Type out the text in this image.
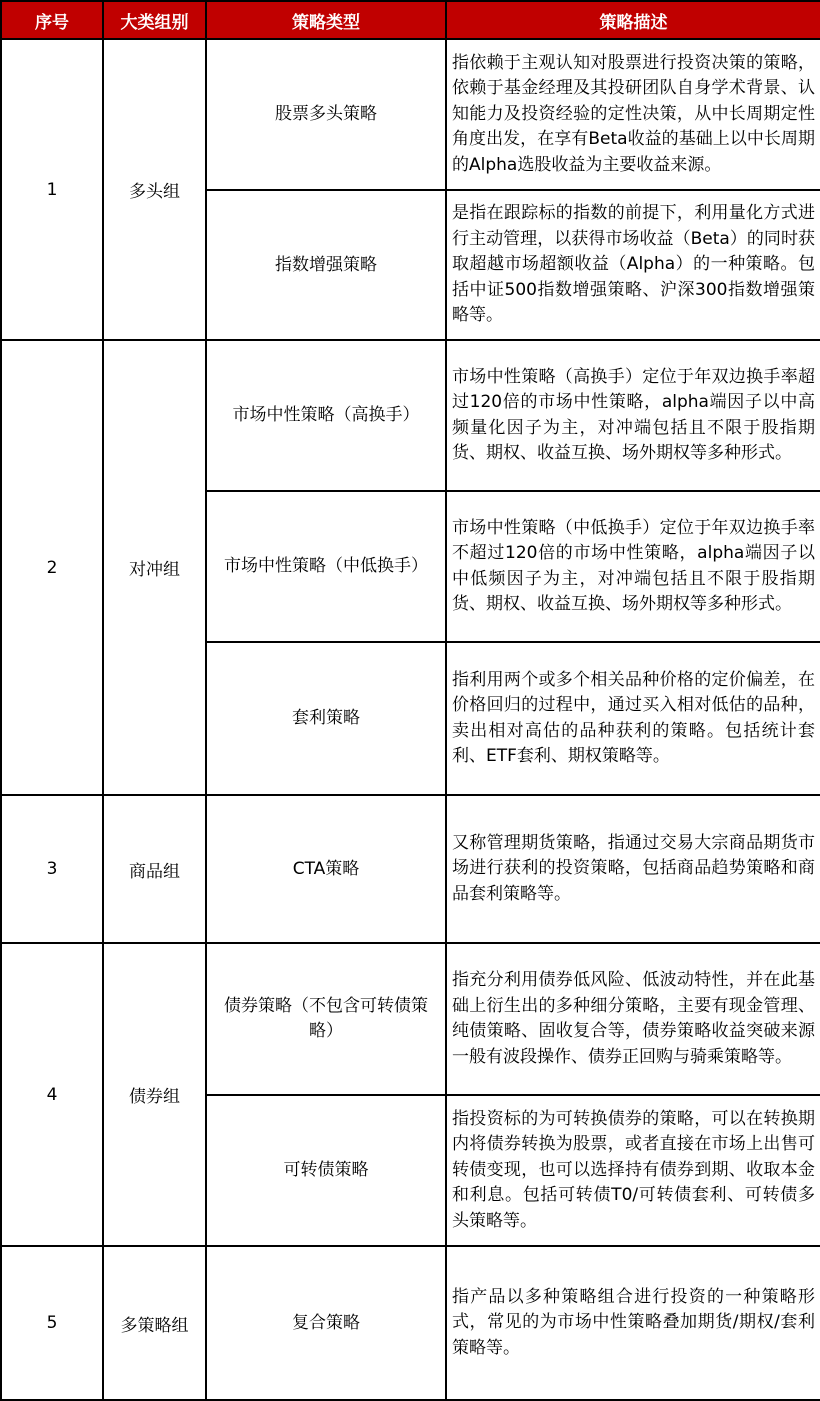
序号	大类组别	策略类型	策略描述
1	多头组	股票多头策略	指依赖于主观认知对股票进行投资决策的策略，依赖于基金经理及其投研团队自身学术背景、认知能力及投资经验的定性决策，从中长周期定性角度出发，在享有Beta收益的基础上以中长周期的Alpha选股收益为主要收益来源。
		指数增强策略	是指在跟踪标的指数的前提下，利用量化方式进行主动管理，以获得市场收益（Beta）的同时获取超越市场超额收益（Alpha）的一种策略。包括中证500指数增强策略、沪深300指数增强策略等。
2	对冲组	市场中性策略（高换手）	市场中性策略（高换手）定位于年双边换手率超过120倍的市场中性策略，alpha端因子以中高频量化因子为主，对冲端包括且不限于股指期货、期权、收益互换、场外期权等多种形式。
		市场中性策略（中低换手）	市场中性策略（中低换手）定位于年双边换手率不超过120倍的市场中性策略，alpha端因子以中低频因子为主，对冲端包括且不限于股指期货、期权、收益互换、场外期权等多种形式。
		套利策略	指利用两个或多个相关品种价格的定价偏差，在价格回归的过程中，通过买入相对低估的品种，卖出相对高估的品种获利的策略。包括统计套利、ETF套利、期权策略等。
3	商品组	CTA策略	又称管理期货策略，指通过交易大宗商品期货市场进行获利的投资策略，包括商品趋势策略和商品套利策略等。
4	债券组	债券策略（不包含可转债策略）	指充分利用债券低风险、低波动特性，并在此基础上衍生出的多种细分策略，主要有现金管理、纯债策略、固收复合等，债券策略收益突破来源一般有波段操作、债券正回购与骑乘策略等。
		可转债策略	指投资标的为可转换债券的策略，可以在转换期内将债券转换为股票，或者直接在市场上出售可转债变现，也可以选择持有债券到期、收取本金和利息。包括可转债T0/可转债套利、可转债多头策略等。
5	多策略组	复合策略	指产品以多种策略组合进行投资的一种策略形式，常见的为市场中性策略叠加期货/期权/套利策略等。
